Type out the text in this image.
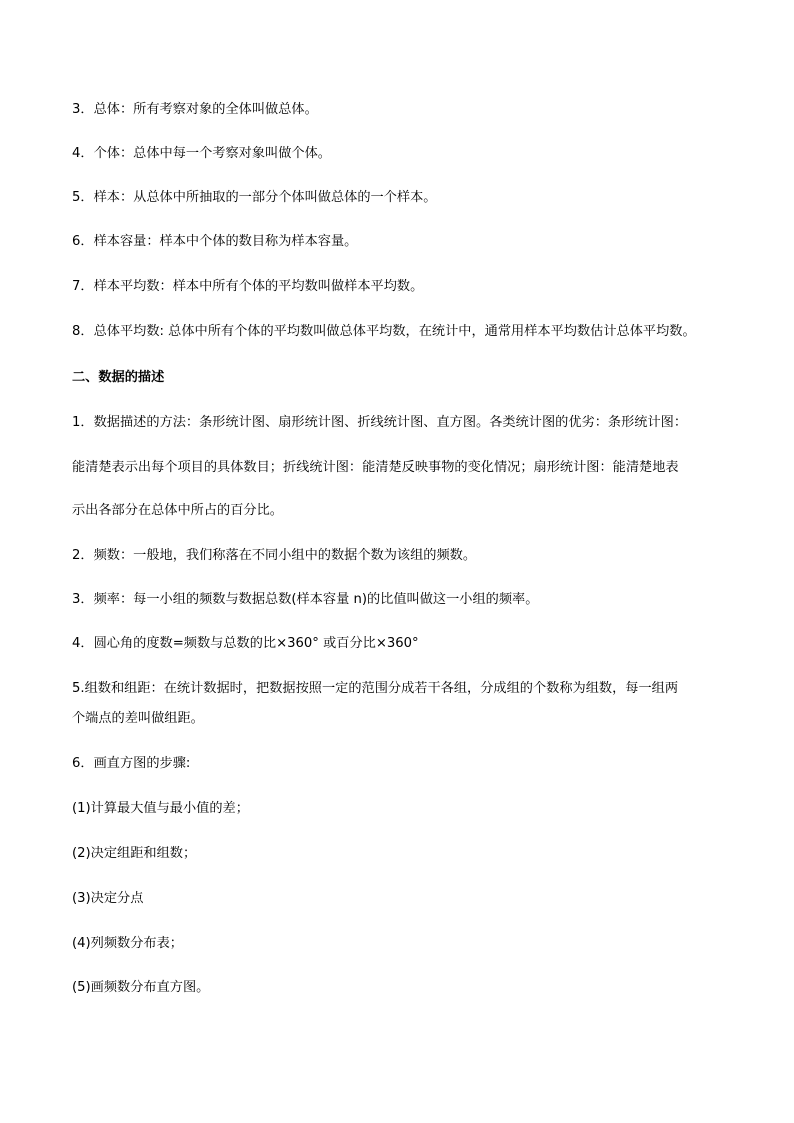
3．总体：所有考察对象的全体叫做总体。
4．个体：总体中每一个考察对象叫做个体。
5．样本：从总体中所抽取的一部分个体叫做总体的一个样本。
6．样本容量：样本中个体的数目称为样本容量。
7．样本平均数：样本中所有个体的平均数叫做样本平均数。
8．总体平均数: 总体中所有个体的平均数叫做总体平均数，在统计中，通常用样本平均数估计总体平均数。
二、数据的描述
1．数据描述的方法：条形统计图、扇形统计图、折线统计图、直方图。各类统计图的优劣：条形统计图：
能清楚表示出每个项目的具体数目；折线统计图：能清楚反映事物的变化情况；扇形统计图：能清楚地表
示出各部分在总体中所占的百分比。
2．频数：一般地，我们称落在不同小组中的数据个数为该组的频数。
3．频率：每一小组的频数与数据总数(样本容量 n)的比值叫做这一小组的频率。
4．圆心角的度数=频数与总数的比×360° 或百分比×360°
5.组数和组距：在统计数据时，把数据按照一定的范围分成若干各组，分成组的个数称为组数，每一组两
个端点的差叫做组距。
6．画直方图的步骤:
(1)计算最大值与最小值的差；
(2)决定组距和组数；
(3)决定分点
(4)列频数分布表；
(5)画频数分布直方图。
